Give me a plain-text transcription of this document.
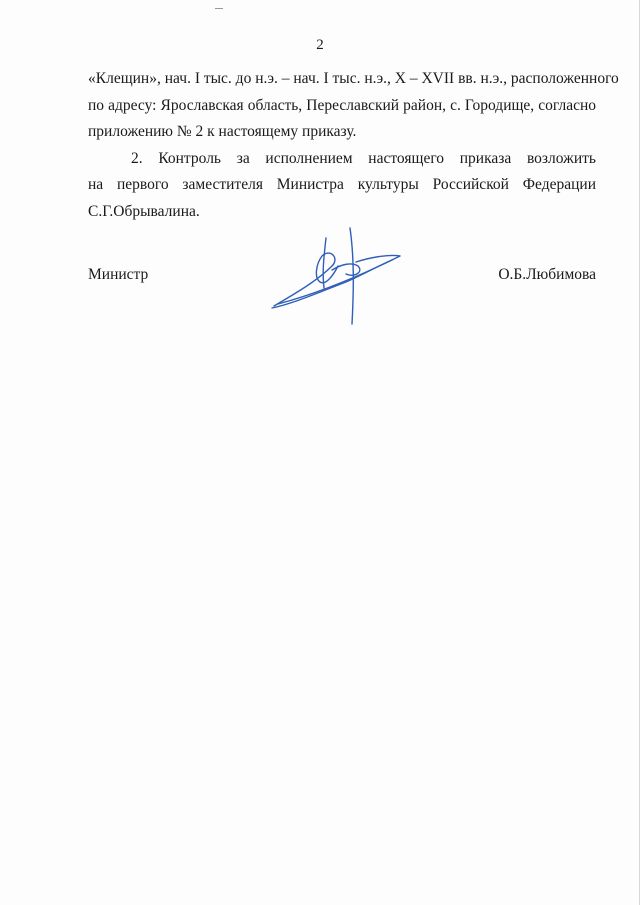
2

«Клещин», нач. I тыс. до н.э. – нач. I тыс. н.э., X – XVII вв. н.э., расположенного
по адресу: Ярославская область, Переславский район, с. Городище, согласно
приложению № 2 к настоящему приказу.

2. Контроль за исполнением настоящего приказа возложить
на первого заместителя Министра культуры Российской Федерации
С.Г.Обрывалина.

Министр	О.Б.Любимова
